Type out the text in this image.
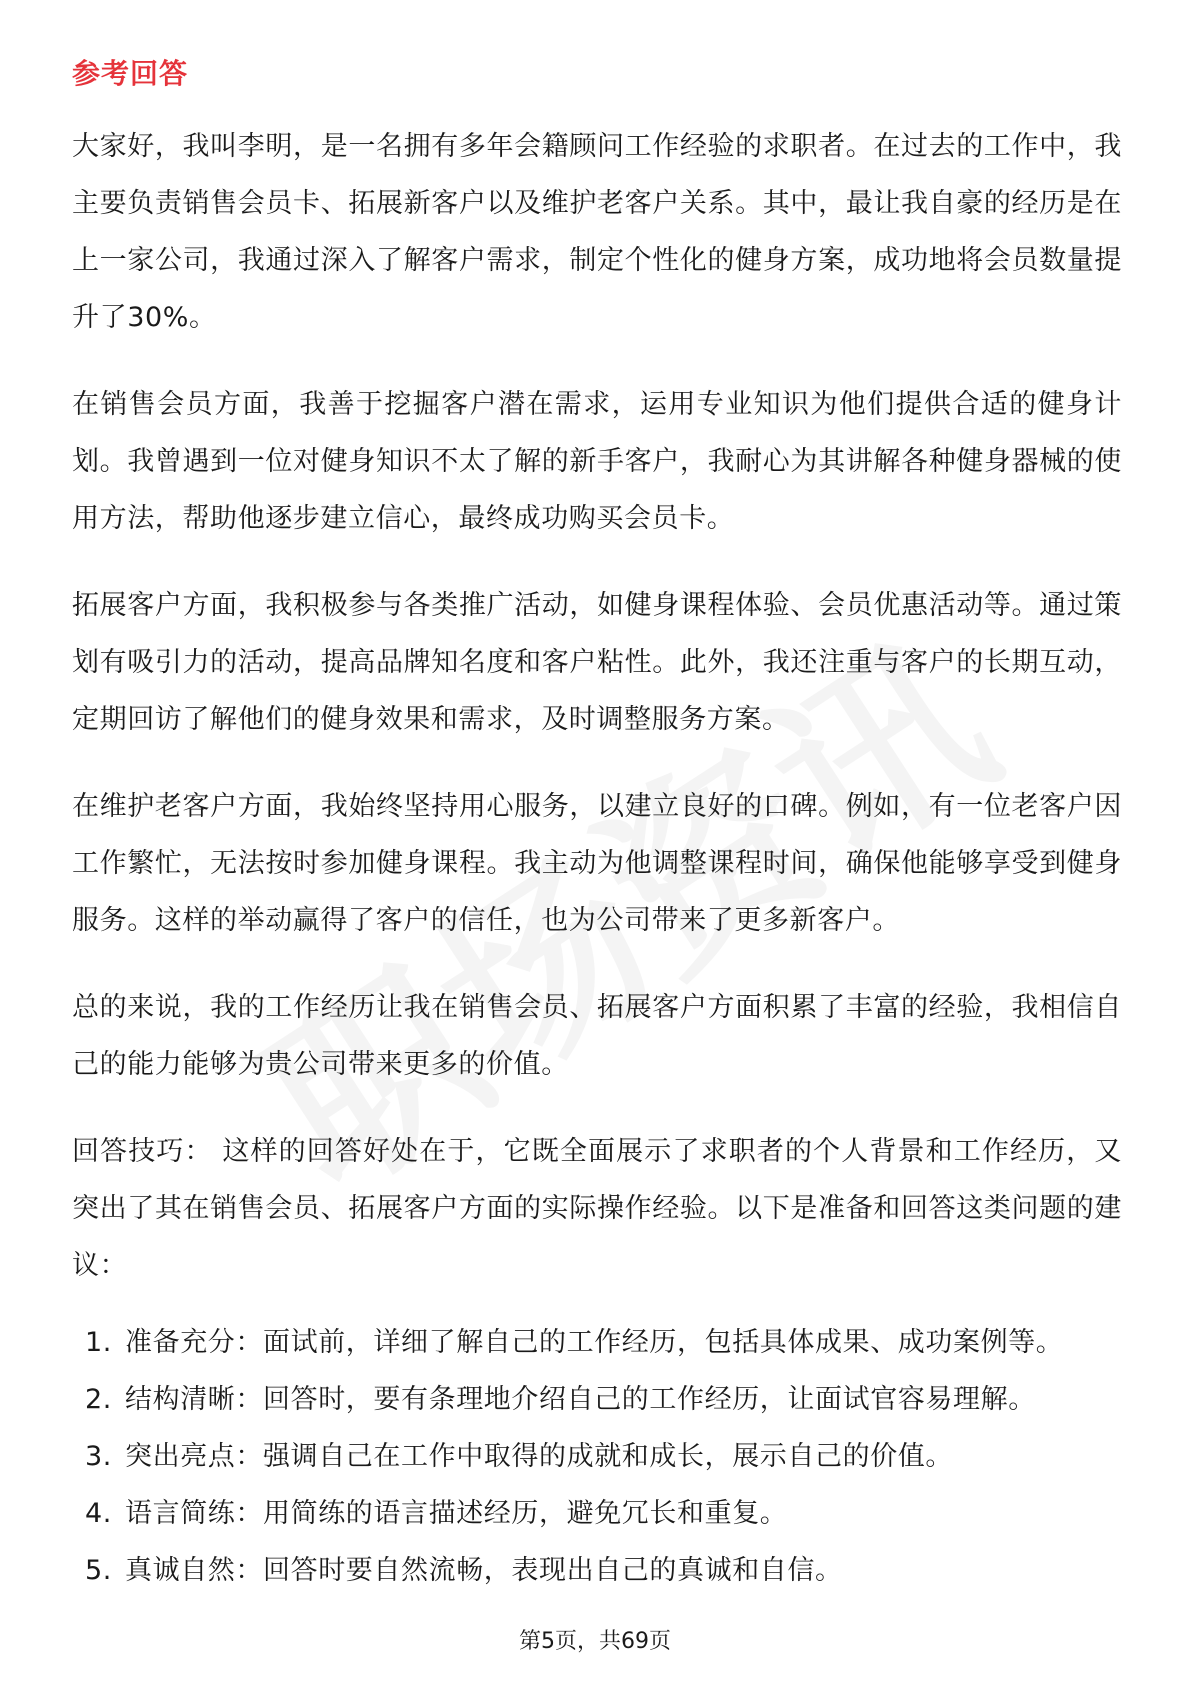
参考回答

大家好，我叫李明，是一名拥有多年会籍顾问工作经验的求职者。在过去的工作中，我主要负责销售会员卡、拓展新客户以及维护老客户关系。其中，最让我自豪的经历是在上一家公司，我通过深入了解客户需求，制定个性化的健身方案，成功地将会员数量提升了30%。

在销售会员方面，我善于挖掘客户潜在需求，运用专业知识为他们提供合适的健身计划。我曾遇到一位对健身知识不太了解的新手客户，我耐心为其讲解各种健身器械的使用方法，帮助他逐步建立信心，最终成功购买会员卡。

拓展客户方面，我积极参与各类推广活动，如健身课程体验、会员优惠活动等。通过策划有吸引力的活动，提高品牌知名度和客户粘性。此外，我还注重与客户的长期互动，定期回访了解他们的健身效果和需求，及时调整服务方案。

在维护老客户方面，我始终坚持用心服务，以建立良好的口碑。例如，有一位老客户因工作繁忙，无法按时参加健身课程。我主动为他调整课程时间，确保他能够享受到健身服务。这样的举动赢得了客户的信任，也为公司带来了更多新客户。

总的来说，我的工作经历让我在销售会员、拓展客户方面积累了丰富的经验，我相信自己的能力能够为贵公司带来更多的价值。

回答技巧： 这样的回答好处在于，它既全面展示了求职者的个人背景和工作经历，又突出了其在销售会员、拓展客户方面的实际操作经验。以下是准备和回答这类问题的建议：

1. 准备充分：面试前，详细了解自己的工作经历，包括具体成果、成功案例等。
2. 结构清晰：回答时，要有条理地介绍自己的工作经历，让面试官容易理解。
3. 突出亮点：强调自己在工作中取得的成就和成长，展示自己的价值。
4. 语言简练：用简练的语言描述经历，避免冗长和重复。
5. 真诚自然：回答时要自然流畅，表现出自己的真诚和自信。
第5页，共69页
